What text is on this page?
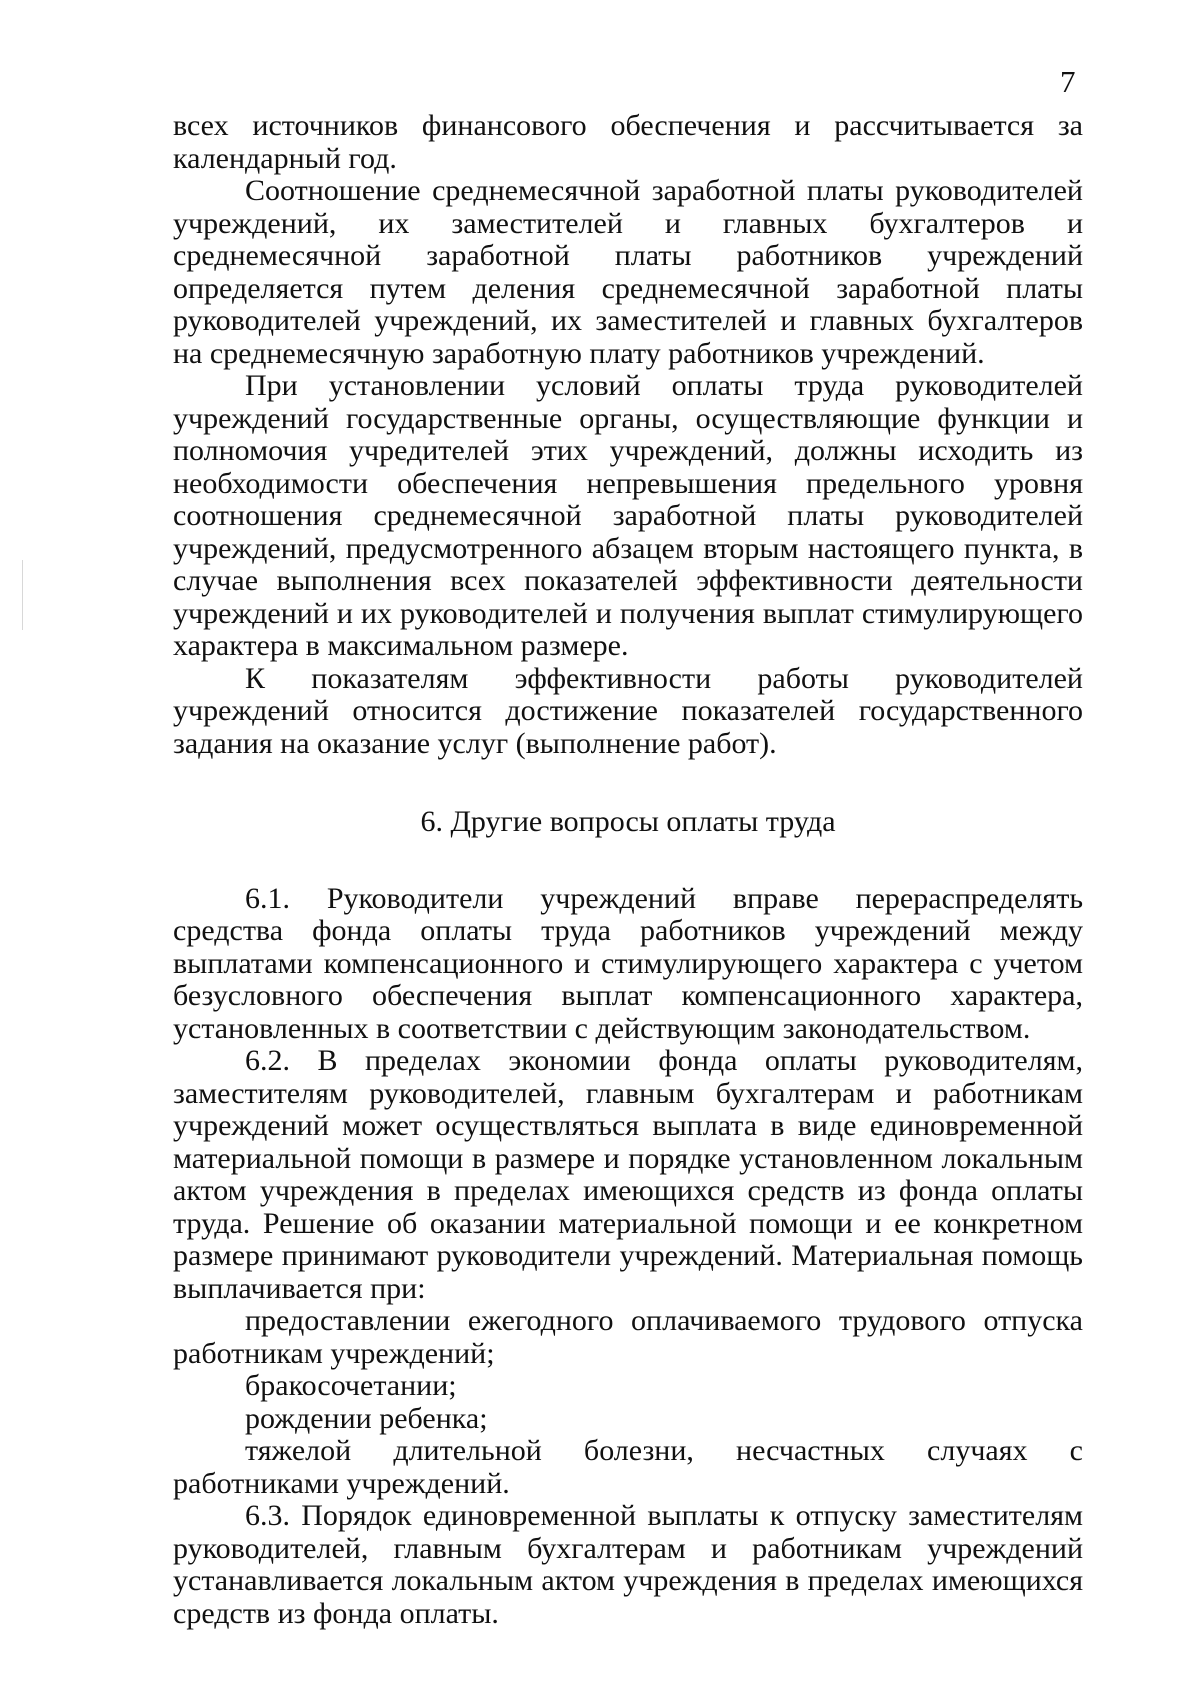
7

всех источников финансового обеспечения и рассчитывается за календарный год.

Соотношение среднемесячной заработной платы руководителей учреждений, их заместителей и главных бухгалтеров и среднемесячной заработной платы работников учреждений определяется путем деления среднемесячной заработной платы руководителей учреждений, их заместителей и главных бухгалтеров на среднемесячную заработную плату работников учреждений.

При установлении условий оплаты труда руководителей учреждений государственные органы, осуществляющие функции и полномочия учредителей этих учреждений, должны исходить из необходимости обеспечения непревышения предельного уровня соотношения среднемесячной заработной платы руководителей учреждений, предусмотренного абзацем вторым настоящего пункта, в случае выполнения всех показателей эффективности деятельности учреждений и их руководителей и получения выплат стимулирующего характера в максимальном размере.

К показателям эффективности работы руководителей учреждений относится достижение показателей государственного задания на оказание услуг (выполнение работ).

6. Другие вопросы оплаты труда

6.1. Руководители учреждений вправе перераспределять средства фонда оплаты труда работников учреждений между выплатами компенсационного и стимулирующего характера с учетом безусловного обеспечения выплат компенсационного характера, установленных в соответствии с действующим законодательством.

6.2. В пределах экономии фонда оплаты руководителям, заместителям руководителей, главным бухгалтерам и работникам учреждений может осуществляться выплата в виде единовременной материальной помощи в размере и порядке установленном локальным актом учреждения в пределах имеющихся средств из фонда оплаты труда. Решение об оказании материальной помощи и ее конкретном размере принимают руководители учреждений. Материальная помощь выплачивается при:

предоставлении ежегодного оплачиваемого трудового отпуска работникам учреждений;

бракосочетании;

рождении ребенка;

тяжелой длительной болезни, несчастных случаях с работниками учреждений.

6.3. Порядок единовременной выплаты к отпуску заместителям руководителей, главным бухгалтерам и работникам учреждений устанавливается локальным актом учреждения в пределах имеющихся средств из фонда оплаты.
